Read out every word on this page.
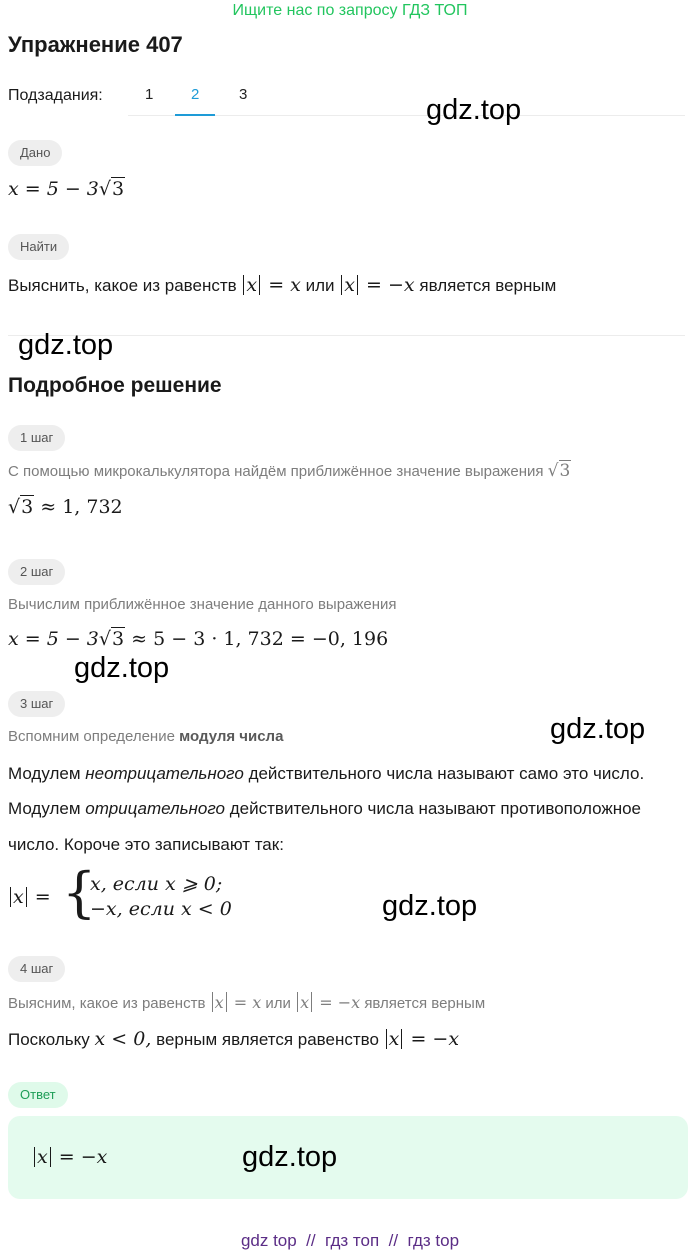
Ищите нас по запросу ГДЗ ТОП
Упражнение 407
Подзадания:	1	2	3	gdz.top
Дано
x = 5 − 3√3
Найти
Выяснить, какое из равенств x = x или x = −x является верным
gdz.top
Подробное решение
1 шаг
С помощью микрокалькулятора найдём приближённое значение выражения √3
√3 ≈ 1, 732
2 шаг
Вычислим приближённое значение данного выражения
x = 5 − 3√3 ≈ 5 − 3 · 1, 732 = −0, 196
gdz.top
3 шаг
Вспомним определение модуля числа	gdz.top
Модулем неотрицательного действительного числа называют само это число.
Модулем отрицательного действительного числа называют противоположное
число. Короче это записывают так:
x = {
x, если x ⩾ 0;
−x, если x < 0	gdz.top
4 шаг
Выясним, какое из равенств x = x или x = −x является верным
Поскольку x < 0, верным является равенство x = −x
Ответ
x = −x	gdz.top
gdz top  //  гдз топ  //  гдз top
